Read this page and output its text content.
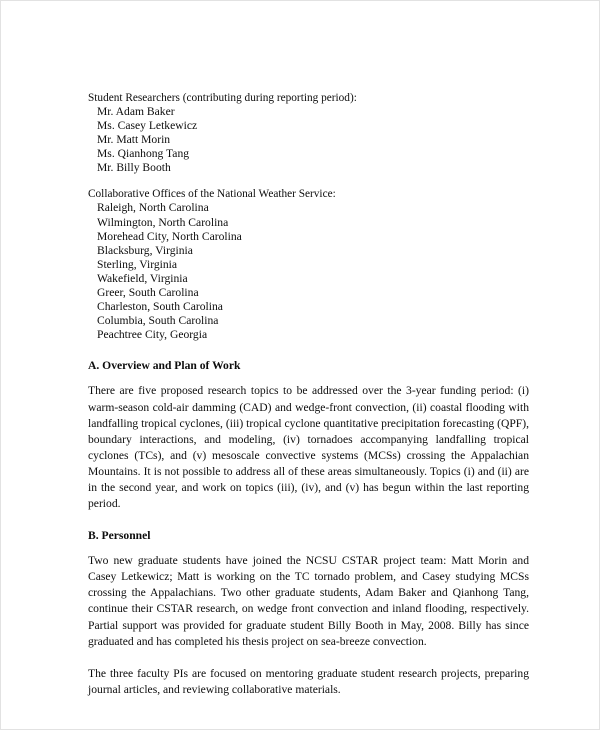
Student Researchers (contributing during reporting period):
Mr. Adam Baker
Ms. Casey Letkewicz
Mr. Matt Morin
Ms. Qianhong Tang
Mr. Billy Booth
Collaborative Offices of the National Weather Service:
Raleigh, North Carolina
Wilmington, North Carolina
Morehead City, North Carolina
Blacksburg, Virginia
Sterling, Virginia
Wakefield, Virginia
Greer, South Carolina
Charleston, South Carolina
Columbia, South Carolina
Peachtree City, Georgia
A. Overview and Plan of Work

There are five proposed research topics to be addressed over the 3-year funding period: (i) warm-season cold-air damming (CAD) and wedge-front convection, (ii) coastal flooding with landfalling tropical cyclones, (iii) tropical cyclone quantitative precipitation forecasting (QPF), boundary interactions, and modeling, (iv) tornadoes accompanying landfalling tropical cyclones (TCs), and (v) mesoscale convective systems (MCSs) crossing the Appalachian Mountains. It is not possible to address all of these areas simultaneously. Topics (i) and (ii) are in the second year, and work on topics (iii), (iv), and (v) has begun within the last reporting period.

B. Personnel

Two new graduate students have joined the NCSU CSTAR project team: Matt Morin and Casey Letkewicz; Matt is working on the TC tornado problem, and Casey studying MCSs crossing the Appalachians. Two other graduate students, Adam Baker and Qianhong Tang, continue their CSTAR research, on wedge front convection and inland flooding, respectively. Partial support was provided for graduate student Billy Booth in May, 2008. Billy has since graduated and has completed his thesis project on sea-breeze convection.

The three faculty PIs are focused on mentoring graduate student research projects, preparing journal articles, and reviewing collaborative materials.
